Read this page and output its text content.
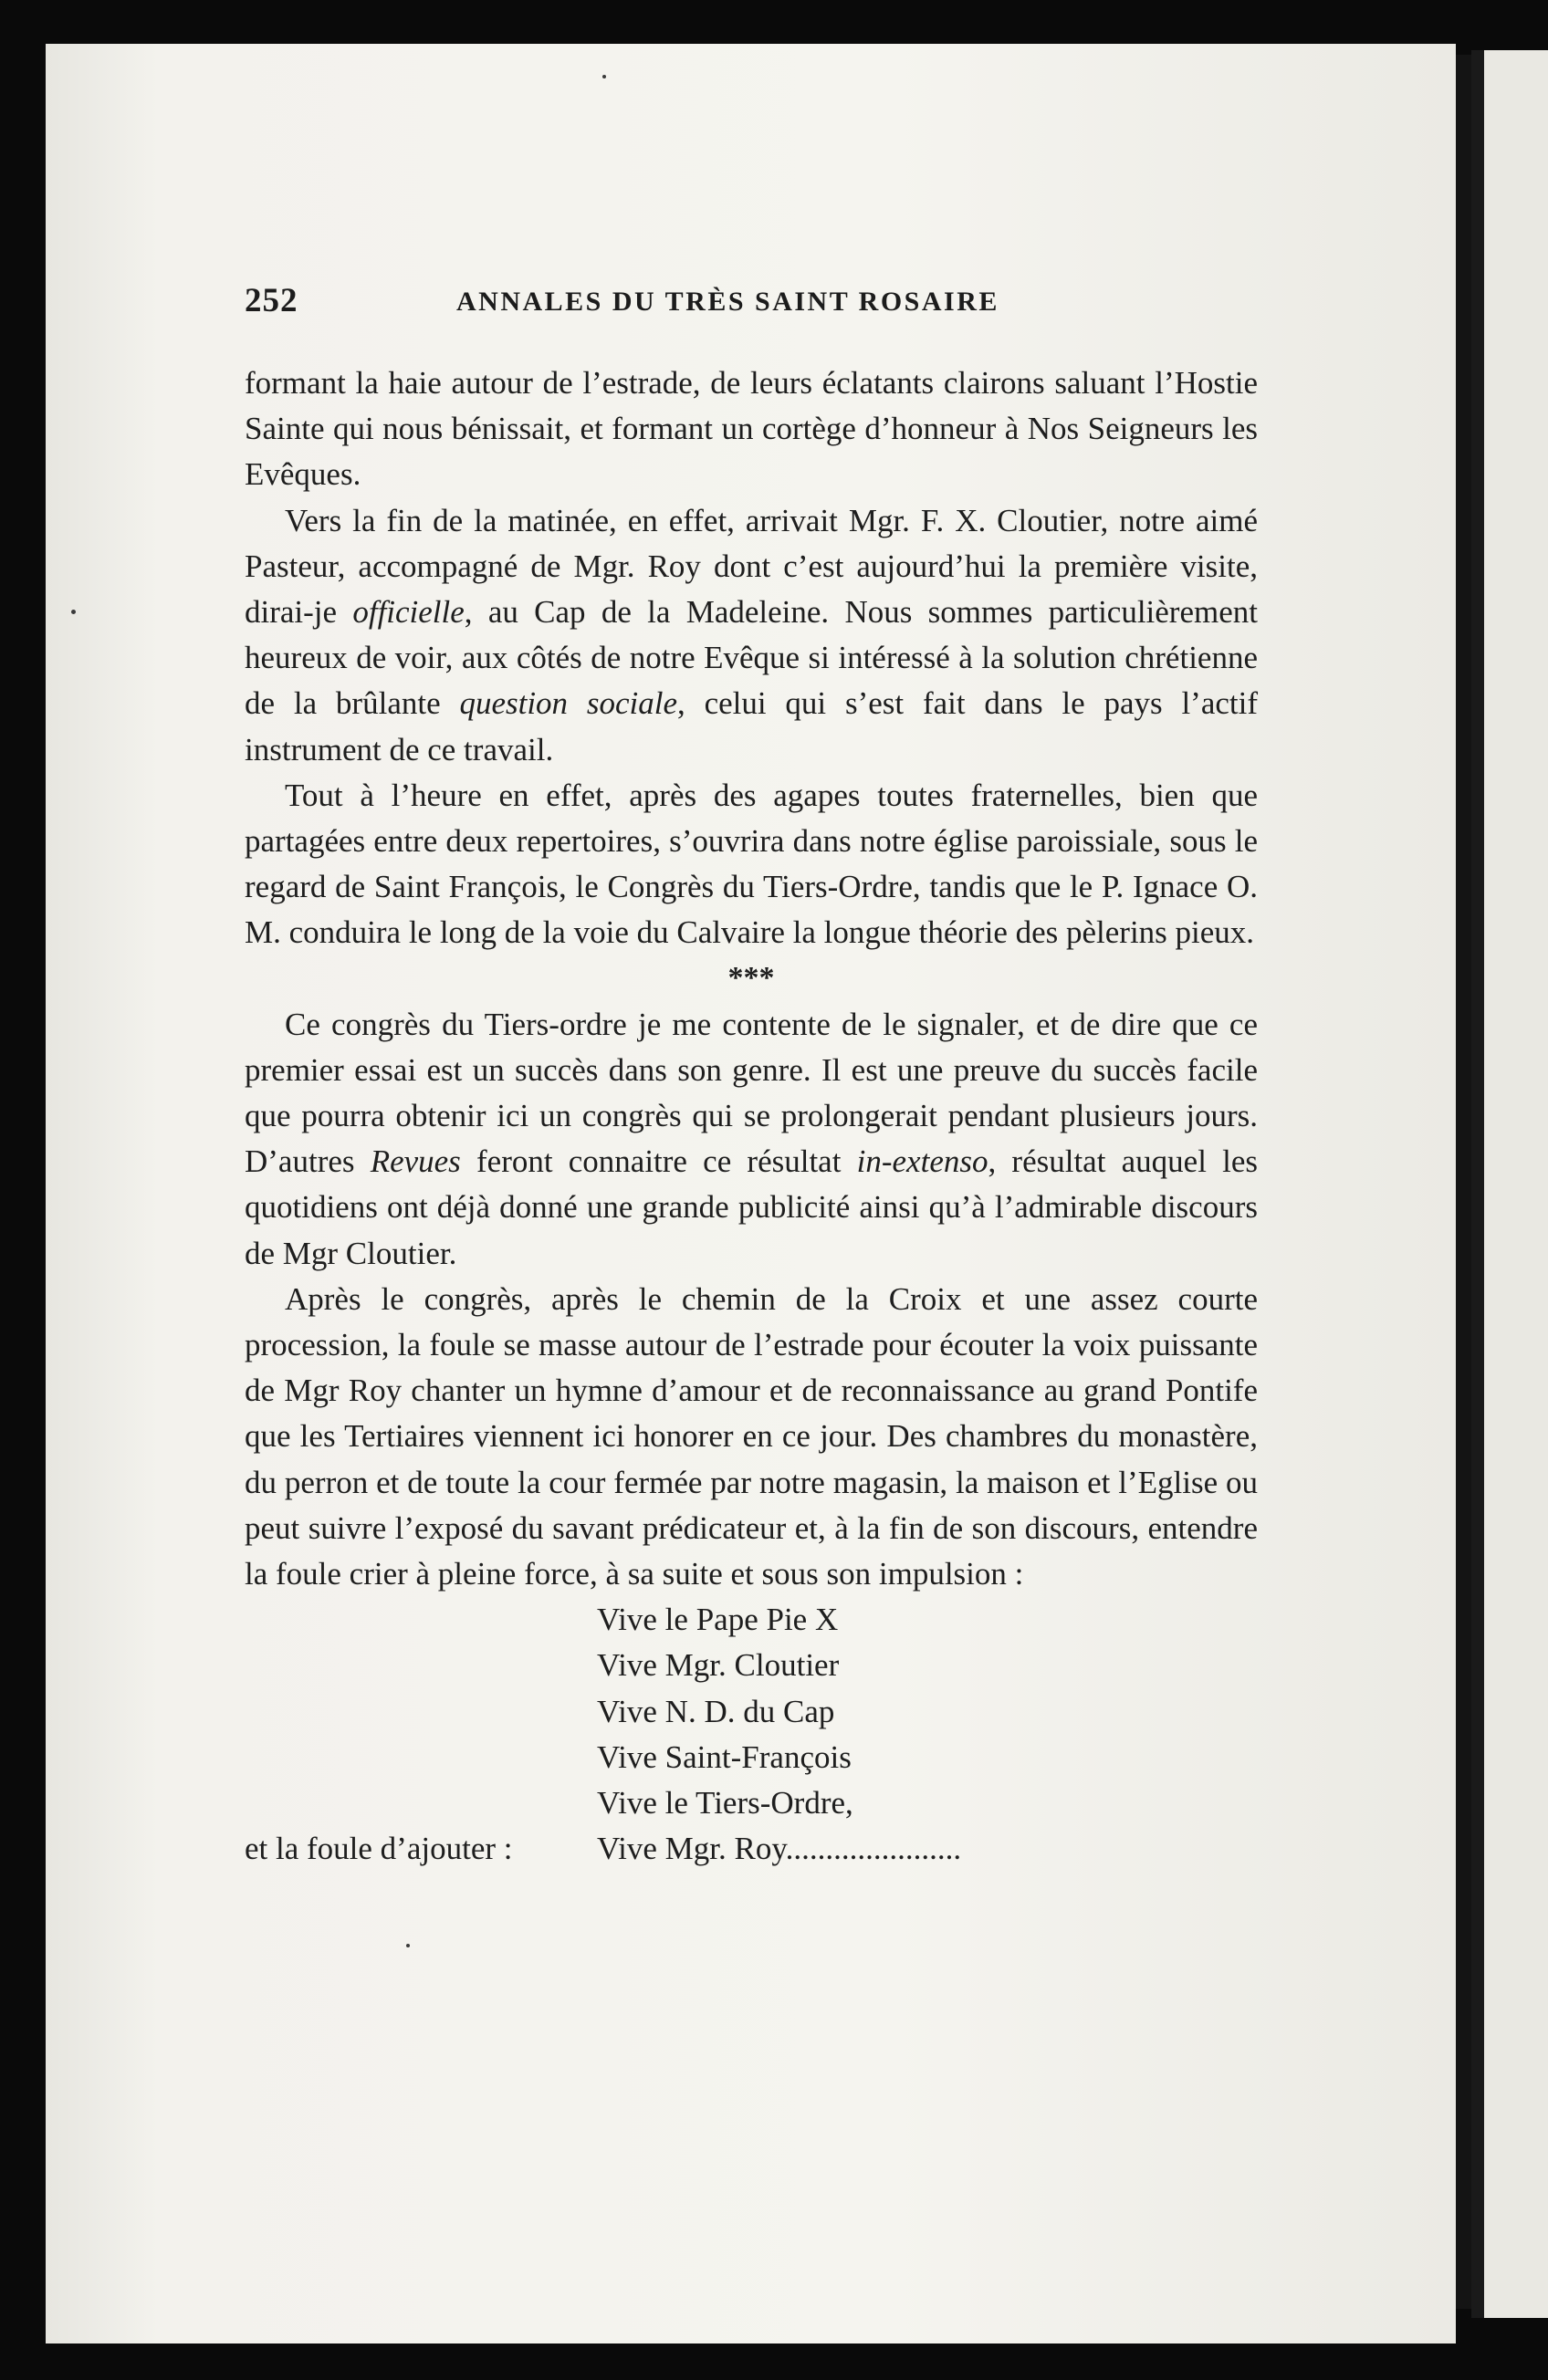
252	ANNALES DU TRÈS SAINT ROSAIRE

formant la haie autour de l’estrade, de leurs éclatants clairons saluant l’Hostie Sainte qui nous bénissait, et formant un cortège d’honneur à Nos Seigneurs les Evêques.

Vers la fin de la matinée, en effet, arrivait Mgr. F. X. Cloutier, notre aimé Pasteur, accompagné de Mgr. Roy dont c’est aujourd’hui la première visite, dirai-je officielle, au Cap de la Madeleine. Nous sommes particulièrement heureux de voir, aux côtés de notre Evêque si intéressé à la solution chrétienne de la brûlante question sociale, celui qui s’est fait dans le pays l’actif instrument de ce travail.

Tout à l’heure en effet, après des agapes toutes fraternelles, bien que partagées entre deux repertoires, s’ouvrira dans notre église paroissiale, sous le regard de Saint François, le Congrès du Tiers-Ordre, tandis que le P. Ignace O. M. conduira le long de la voie du Calvaire la longue théorie des pèlerins pieux.

***

Ce congrès du Tiers-ordre je me contente de le signaler, et de dire que ce premier essai est un succès dans son genre. Il est une preuve du succès facile que pourra obtenir ici un congrès qui se prolongerait pendant plusieurs jours. D’autres Revues feront connaitre ce résultat in-extenso, résultat auquel les quotidiens ont déjà donné une grande publicité ainsi qu’à l’admirable discours de Mgr Cloutier.

Après le congrès, après le chemin de la Croix et une assez courte procession, la foule se masse autour de l’estrade pour écouter la voix puissante de Mgr Roy chanter un hymne d’amour et de reconnaissance au grand Pontife que les Tertiaires viennent ici honorer en ce jour. Des chambres du monastère, du perron et de toute la cour fermée par notre magasin, la maison et l’Eglise ou peut suivre l’exposé du savant prédicateur et, à la fin de son discours, entendre la foule crier à pleine force, à sa suite et sous son impulsion :

Vive le Pape Pie X
Vive Mgr. Cloutier
Vive N. D. du Cap
Vive Saint-François
Vive le Tiers-Ordre,
et la foule d’ajouter :	Vive Mgr. Roy......................
